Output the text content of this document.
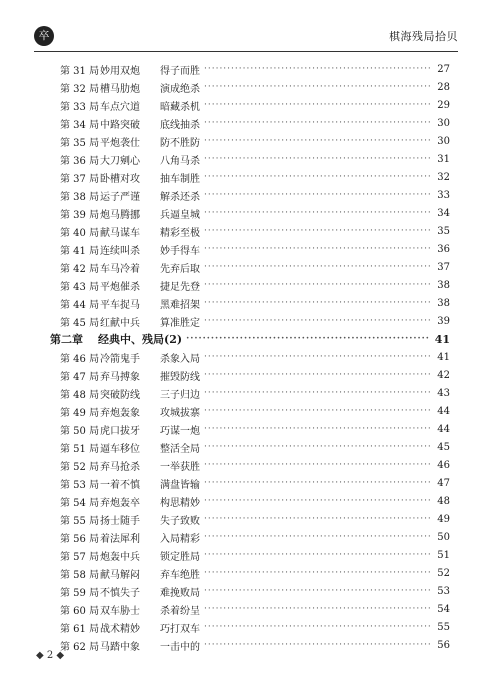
卒	棋海残局拾贝
第 31 局 妙用双炮	得子而胜 ·····	27
第 32 局 槽马肋炮	演成绝杀 ·····	28
第 33 局 车点穴道	暗藏杀机 ·····	29
第 34 局 中路突破	底线抽杀 ·····	30
第 35 局 平炮袭仕	防不胜防 ·····	30
第 36 局 大刀剜心	八角马杀 ·····	31
第 37 局 卧槽对攻	抽车制胜 ·····	32
第 38 局 运子严谨	解杀还杀 ·····	33
第 39 局 炮马腾挪	兵逼皇城 ·····	34
第 40 局 献马谋车	精彩至极 ·····	35
第 41 局 连续叫杀	妙手得车 ·····	36
第 42 局 车马冷着	先弃后取 ·····	37
第 43 局 平炮催杀	捷足先登 ·····	38
第 44 局 平车捉马	黑难招架 ·····	38
第 45 局 红献中兵	算准胜定 ·····	39
第二章	经典中、残局(2) ·····	41
第 46 局 冷箭鬼手	杀象入局 ·····	41
第 47 局 弃马搏象	摧毁防线 ·····	42
第 48 局 突破防线	三子归边 ·····	43
第 49 局 弃炮轰象	攻城拔寨 ·····	44
第 50 局 虎口拔牙	巧谋一炮 ·····	44
第 51 局 逼车移位	整活全局 ·····	45
第 52 局 弃马抢杀	一举获胜 ·····	46
第 53 局 一着不慎	满盘皆输 ·····	47
第 54 局 弃炮轰卒	构思精妙 ·····	48
第 55 局 扬士随手	失子致败 ·····	49
第 56 局 着法犀利	入局精彩 ·····	50
第 57 局 炮轰中兵	锁定胜局 ·····	51
第 58 局 献马解闷	弃车绝胜 ·····	52
第 59 局 不慎失子	难挽败局 ·····	53
第 60 局 双车胁士	杀着纷呈 ·····	54
第 61 局 战术精妙	巧打双车 ·····	55
第 62 局 马踏中象	一击中的 ·····	56
◆ 2 ◆
